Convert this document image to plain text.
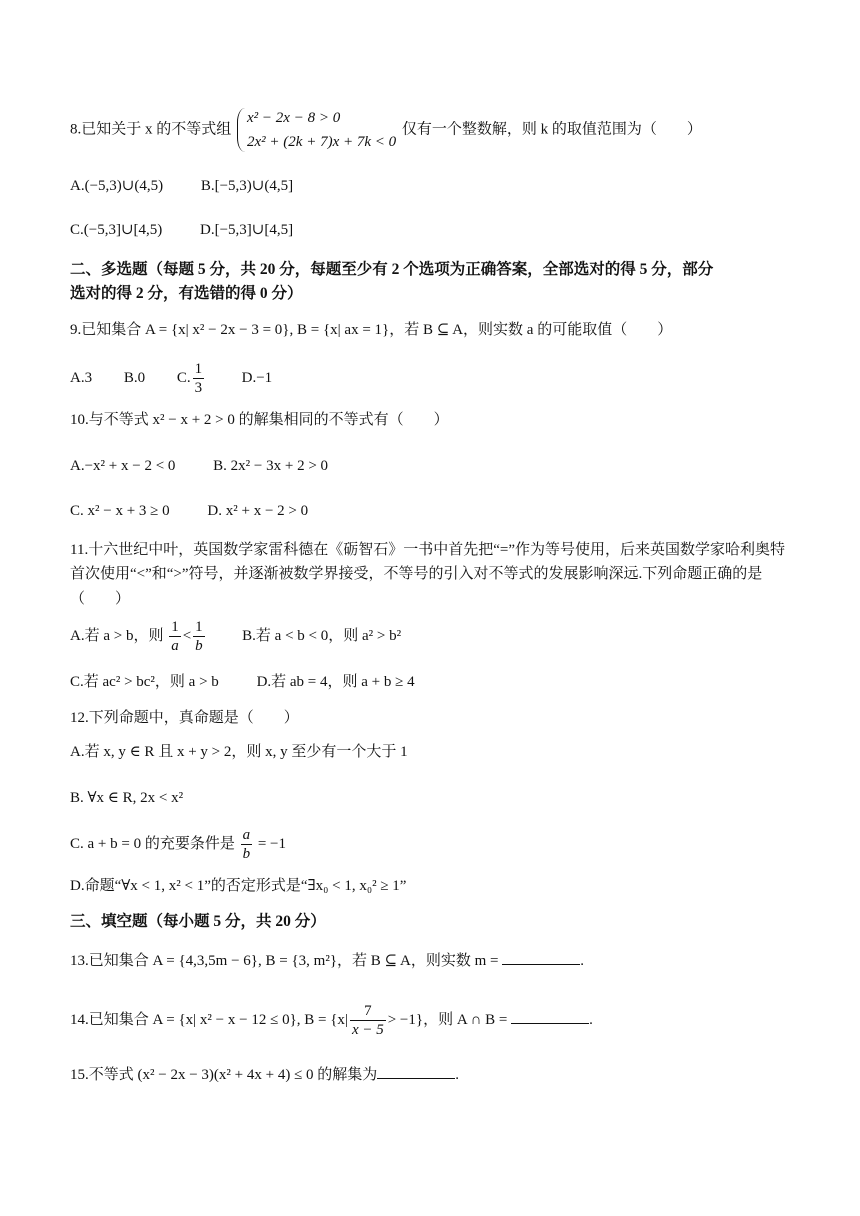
8.已知关于 x 的不等式组
x² − 2x − 8 > 0
2x² + (2k + 7)x + 7k < 0
仅有一个整数解，则 k 的取值范围为（　　）
A.(−5,3)∪(4,5)	B.[−5,3)∪(4,5]
C.(−5,3]∪[4,5)	D.[−5,3]∪[4,5]
二、多选题（每题 5 分，共 20 分，每题至少有 2 个选项为正确答案，全部选对的得 5 分，部分
选对的得 2 分，有选错的得 0 分）
9.已知集合 A = {x| x² − 2x − 3 = 0}, B = {x| ax = 1}，若 B ⊆ A，则实数 a 的可能取值（　　）
A.3 B.0 C. $\frac{1}{3}$	D.−1
10.与不等式 x² − x + 2 > 0 的解集相同的不等式有（　　）
A.−x² + x − 2 < 0	B. 2x² − 3x + 2 > 0
C. x² − x + 3 ≥ 0	D. x² + x − 2 > 0
11.十六世纪中叶，英国数学家雷科德在《砺智石》一书中首先把“=”作为等号使用，后来英国数学家哈利奥特
首次使用“<”和“>”符号，并逐渐被数学界接受，不等号的引入对不等式的发展影响深远.下列命题正确的是
（　　）
A.若 a > b，则 $\frac{1}{a} < \frac{1}{b}$	B.若 a < b < 0，则 a² > b²
C.若 ac² > bc²，则 a > b	D.若 ab = 4，则 a + b ≥ 4
12.下列命题中，真命题是（　　）
A.若 x, y ∈ R 且 x + y > 2，则 x, y 至少有一个大于 1
B. ∀x ∈ R, 2x < x²
C. a + b = 0 的充要条件是 $\frac{a}{b} = -1$
D.命题“∀x < 1, x² < 1”的否定形式是“∃x₀ < 1, x₀² ≥ 1”
三、填空题（每小题 5 分，共 20 分）
13.已知集合 A = {4,3,5m − 6}, B = {3, m²}，若 B ⊆ A，则实数 m =	.
14.已知集合 A = {x| x² − x − 12 ≤ 0}, $B = \{x| \frac{7}{x - 5} > -1\}$，则 A ∩ B =	.
15.不等式 (x² − 2x − 3)(x² + 4x + 4) ≤ 0 的解集为	.
